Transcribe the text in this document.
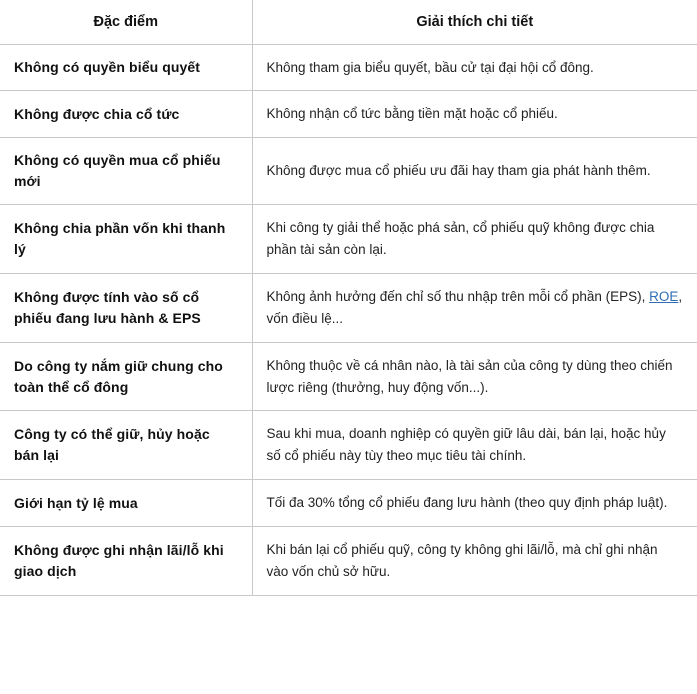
Đặc điểm	Giải thích chi tiết
Không có quyền biểu quyết	Không tham gia biểu quyết, bầu cử tại đại hội cổ đông.
Không được chia cổ tức	Không nhận cổ tức bằng tiền mặt hoặc cổ phiếu.
Không có quyền mua cổ phiếu mới	Không được mua cổ phiếu ưu đãi hay tham gia phát hành thêm.
Không chia phần vốn khi thanh lý	Khi công ty giải thể hoặc phá sản, cổ phiếu quỹ không được chia phần tài sản còn lại.
Không được tính vào số cổ phiếu đang lưu hành & EPS	Không ảnh hưởng đến chỉ số thu nhập trên mỗi cổ phần (EPS), ROE, vốn điều lệ...
Do công ty nắm giữ chung cho toàn thể cổ đông	Không thuộc về cá nhân nào, là tài sản của công ty dùng theo chiến lược riêng (thưởng, huy động vốn...).
Công ty có thể giữ, hủy hoặc bán lại	Sau khi mua, doanh nghiệp có quyền giữ lâu dài, bán lại, hoặc hủy số cổ phiếu này tùy theo mục tiêu tài chính.
Giới hạn tỷ lệ mua	Tối đa 30% tổng cổ phiếu đang lưu hành (theo quy định pháp luật).
Không được ghi nhận lãi/lỗ khi giao dịch	Khi bán lại cổ phiếu quỹ, công ty không ghi lãi/lỗ, mà chỉ ghi nhận vào vốn chủ sở hữu.
